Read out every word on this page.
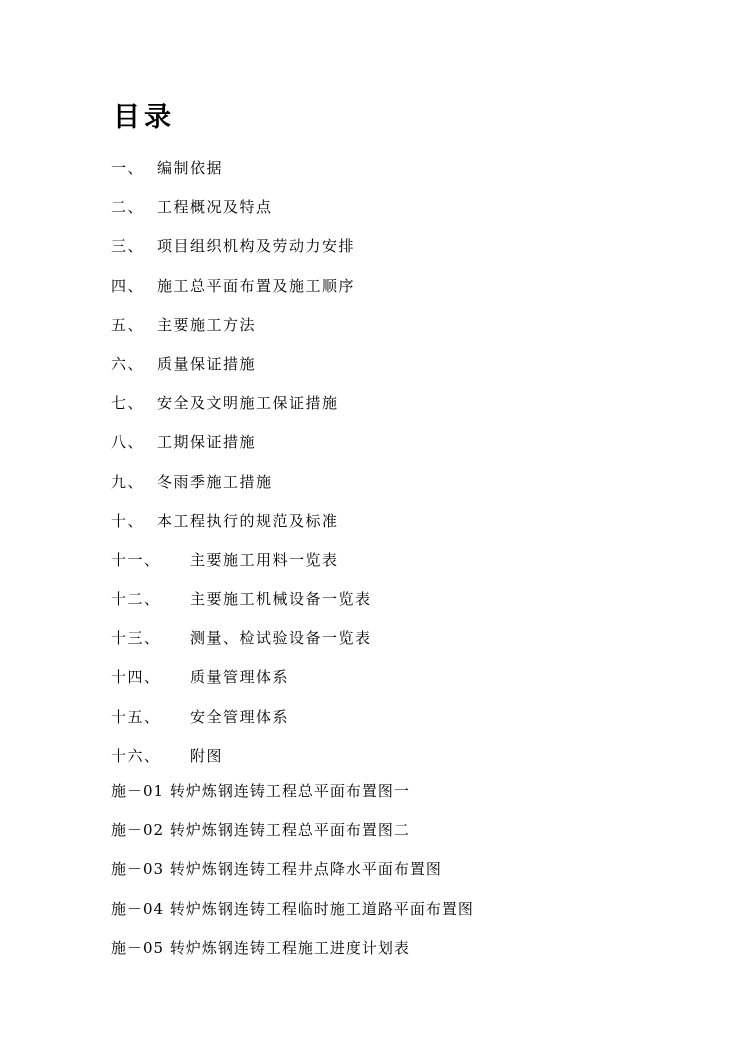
目录
一、 编制依据
二、 工程概况及特点
三、 项目组织机构及劳动力安排
四、 施工总平面布置及施工顺序
五、 主要施工方法
六、 质量保证措施
七、 安全及文明施工保证措施
八、 工期保证措施
九、 冬雨季施工措施
十、 本工程执行的规范及标准
十一、 主要施工用料一览表
十二、 主要施工机械设备一览表
十三、 测量、检试验设备一览表
十四、 质量管理体系
十五、 安全管理体系
十六、 附图
施－01 转炉炼钢连铸工程总平面布置图一
施－02 转炉炼钢连铸工程总平面布置图二
施－03 转炉炼钢连铸工程井点降水平面布置图
施－04 转炉炼钢连铸工程临时施工道路平面布置图
施－05 转炉炼钢连铸工程施工进度计划表
